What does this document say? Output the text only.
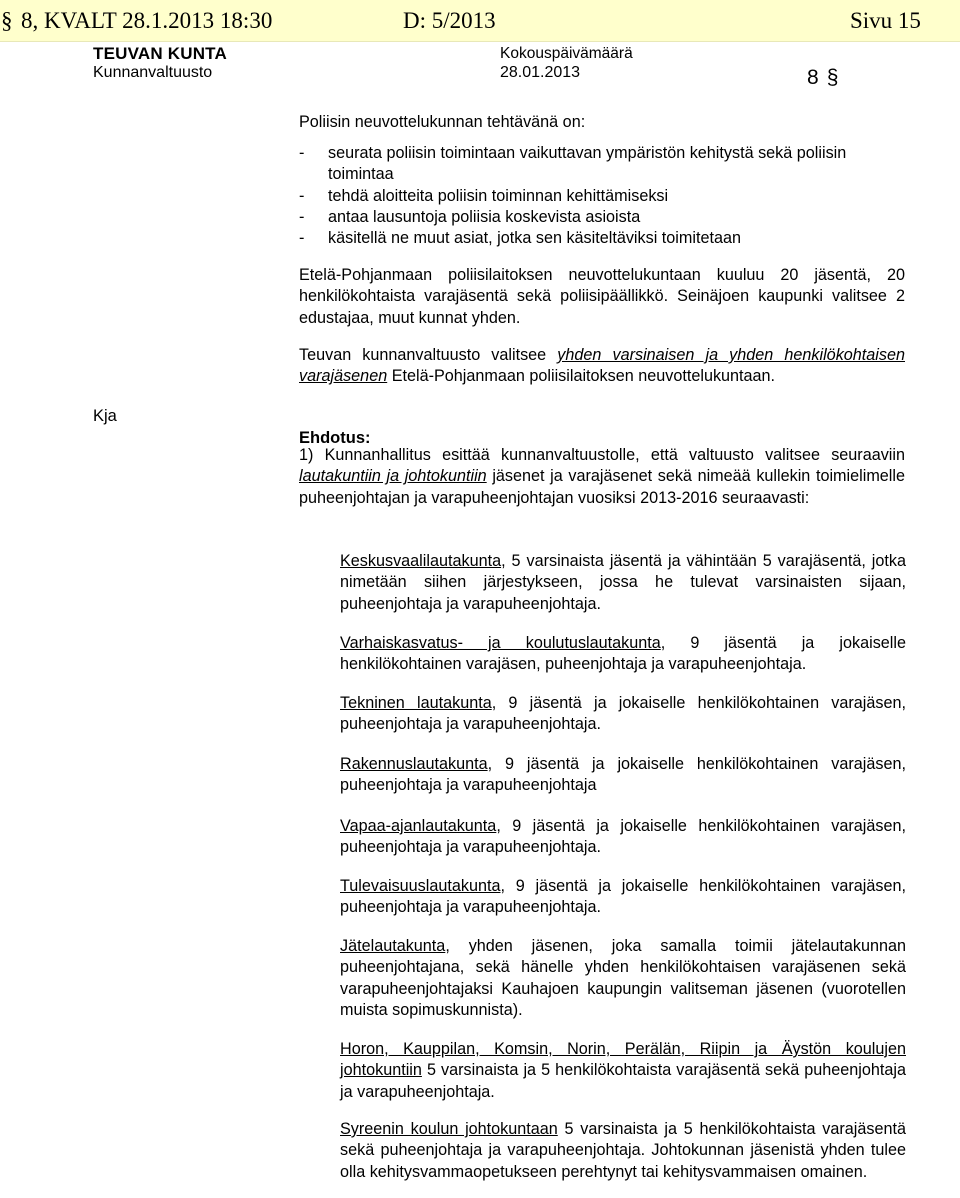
§ 8, KVALT 28.1.2013 18:30	D: 5/2013	Sivu 15
TEUVAN KUNTA
Kunnanvaltuusto
Kokouspäivämäärä
28.01.2013	8 §

Poliisin neuvottelukunnan tehtävänä on:

- seurata poliisin toimintaan vaikuttavan ympäristön kehitystä sekä poliisin toimintaa
- tehdä aloitteita poliisin toiminnan kehittämiseksi
- antaa lausuntoja poliisia koskevista asioista
- käsitellä ne muut asiat, jotka sen käsiteltäviksi toimitetaan

Etelä-Pohjanmaan poliisilaitoksen neuvottelukuntaan kuuluu 20 jäsentä, 20 henkilökohtaista varajäsentä sekä poliisipäällikkö. Seinäjoen kaupunki valitsee 2 edustajaa, muut kunnat yhden.

Teuvan kunnanvaltuusto valitsee yhden varsinaisen ja yhden henkilökohtaisen varajäsenen Etelä-Pohjanmaan poliisilaitoksen neuvottelukuntaan.

Kja
Ehdotus:

1) Kunnanhallitus esittää kunnanvaltuustolle, että valtuusto valitsee seuraaviin lautakuntiin ja johtokuntiin jäsenet ja varajäsenet sekä nimeää kullekin toimielimelle puheenjohtajan ja varapuheenjohtajan vuosiksi 2013-2016 seuraavasti:

Keskusvaalilautakunta, 5 varsinaista jäsentä ja vähintään 5 varajäsentä, jotka nimetään siihen järjestykseen, jossa he tulevat varsinaisten sijaan, puheenjohtaja ja varapuheenjohtaja.

Varhaiskasvatus- ja koulutuslautakunta, 9 jäsentä ja jokaiselle henkilökohtainen varajäsen, puheenjohtaja ja varapuheenjohtaja.

Tekninen lautakunta, 9 jäsentä ja jokaiselle henkilökohtainen varajäsen, puheenjohtaja ja varapuheenjohtaja.

Rakennuslautakunta, 9 jäsentä ja jokaiselle henkilökohtainen varajäsen, puheenjohtaja ja varapuheenjohtaja

Vapaa-ajanlautakunta, 9 jäsentä ja jokaiselle henkilökohtainen varajäsen, puheenjohtaja ja varapuheenjohtaja.

Tulevaisuuslautakunta, 9 jäsentä ja jokaiselle henkilökohtainen varajäsen, puheenjohtaja ja varapuheenjohtaja.

Jätelautakunta, yhden jäsenen, joka samalla toimii jätelautakunnan puheenjohtajana, sekä hänelle yhden henkilökohtaisen varajäsenen sekä varapuheenjohtajaksi Kauhajoen kaupungin valitseman jäsenen (vuorotellen muista sopimuskunnista).

Horon, Kauppilan, Komsin, Norin, Perälän, Riipin ja Äystön koulujen johtokuntiin 5 varsinaista ja 5 henkilökohtaista varajäsentä sekä puheenjohtaja ja varapuheenjohtaja.

Syreenin koulun johtokuntaan 5 varsinaista ja 5 henkilökohtaista varajäsentä sekä puheenjohtaja ja varapuheenjohtaja. Johtokunnan jäsenistä yhden tulee olla kehitysvammaopetukseen perehtynyt tai kehitysvammaisen omainen.
